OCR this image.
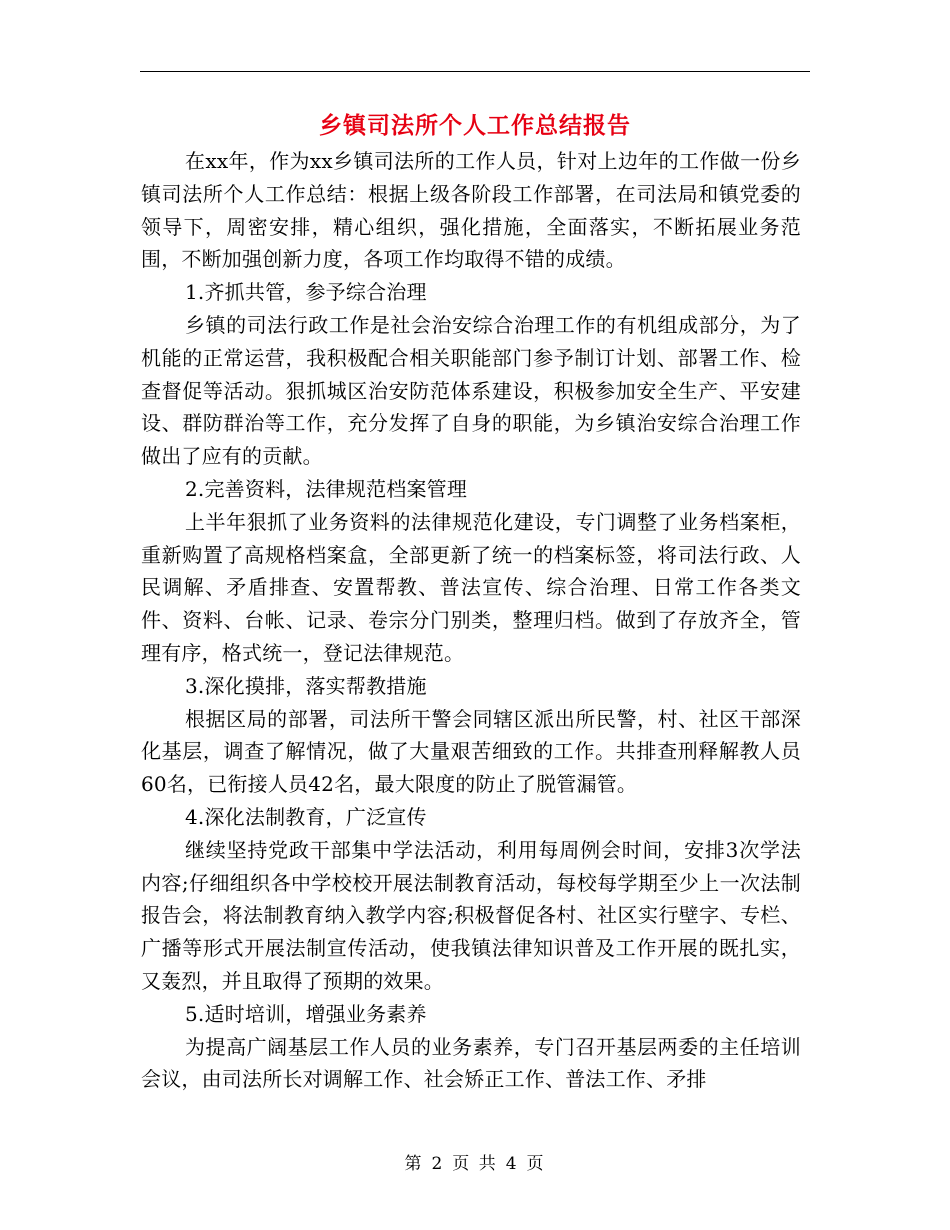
乡镇司法所个人工作总结报告

在xx年，作为xx乡镇司法所的工作人员，针对上边年的工作做一份乡镇司法所个人工作总结：根据上级各阶段工作部署，在司法局和镇党委的领导下，周密安排，精心组织，强化措施，全面落实，不断拓展业务范围，不断加强创新力度，各项工作均取得不错的成绩。

1.齐抓共管，参予综合治理

乡镇的司法行政工作是社会治安综合治理工作的有机组成部分，为了机能的正常运营，我积极配合相关职能部门参予制订计划、部署工作、检查督促等活动。狠抓城区治安防范体系建设，积极参加安全生产、平安建设、群防群治等工作，充分发挥了自身的职能，为乡镇治安综合治理工作做出了应有的贡献。

2.完善资料，法律规范档案管理

上半年狠抓了业务资料的法律规范化建设，专门调整了业务档案柜，重新购置了高规格档案盒，全部更新了统一的档案标签，将司法行政、人民调解、矛盾排查、安置帮教、普法宣传、综合治理、日常工作各类文件、资料、台帐、记录、卷宗分门别类，整理归档。做到了存放齐全，管理有序，格式统一，登记法律规范。

3.深化摸排，落实帮教措施

根据区局的部署，司法所干警会同辖区派出所民警，村、社区干部深化基层，调查了解情况，做了大量艰苦细致的工作。共排查刑释解教人员60名，已衔接人员42名，最大限度的防止了脱管漏管。

4.深化法制教育，广泛宣传

继续坚持党政干部集中学法活动，利用每周例会时间，安排3次学法内容;仔细组织各中学校校开展法制教育活动，每校每学期至少上一次法制报告会，将法制教育纳入教学内容;积极督促各村、社区实行壁字、专栏、广播等形式开展法制宣传活动，使我镇法律知识普及工作开展的既扎实，又轰烈，并且取得了预期的效果。

5.适时培训，增强业务素养

为提高广阔基层工作人员的业务素养，专门召开基层两委的主任培训会议，由司法所长对调解工作、社会矫正工作、普法工作、矛排

第 2 页 共 4 页
